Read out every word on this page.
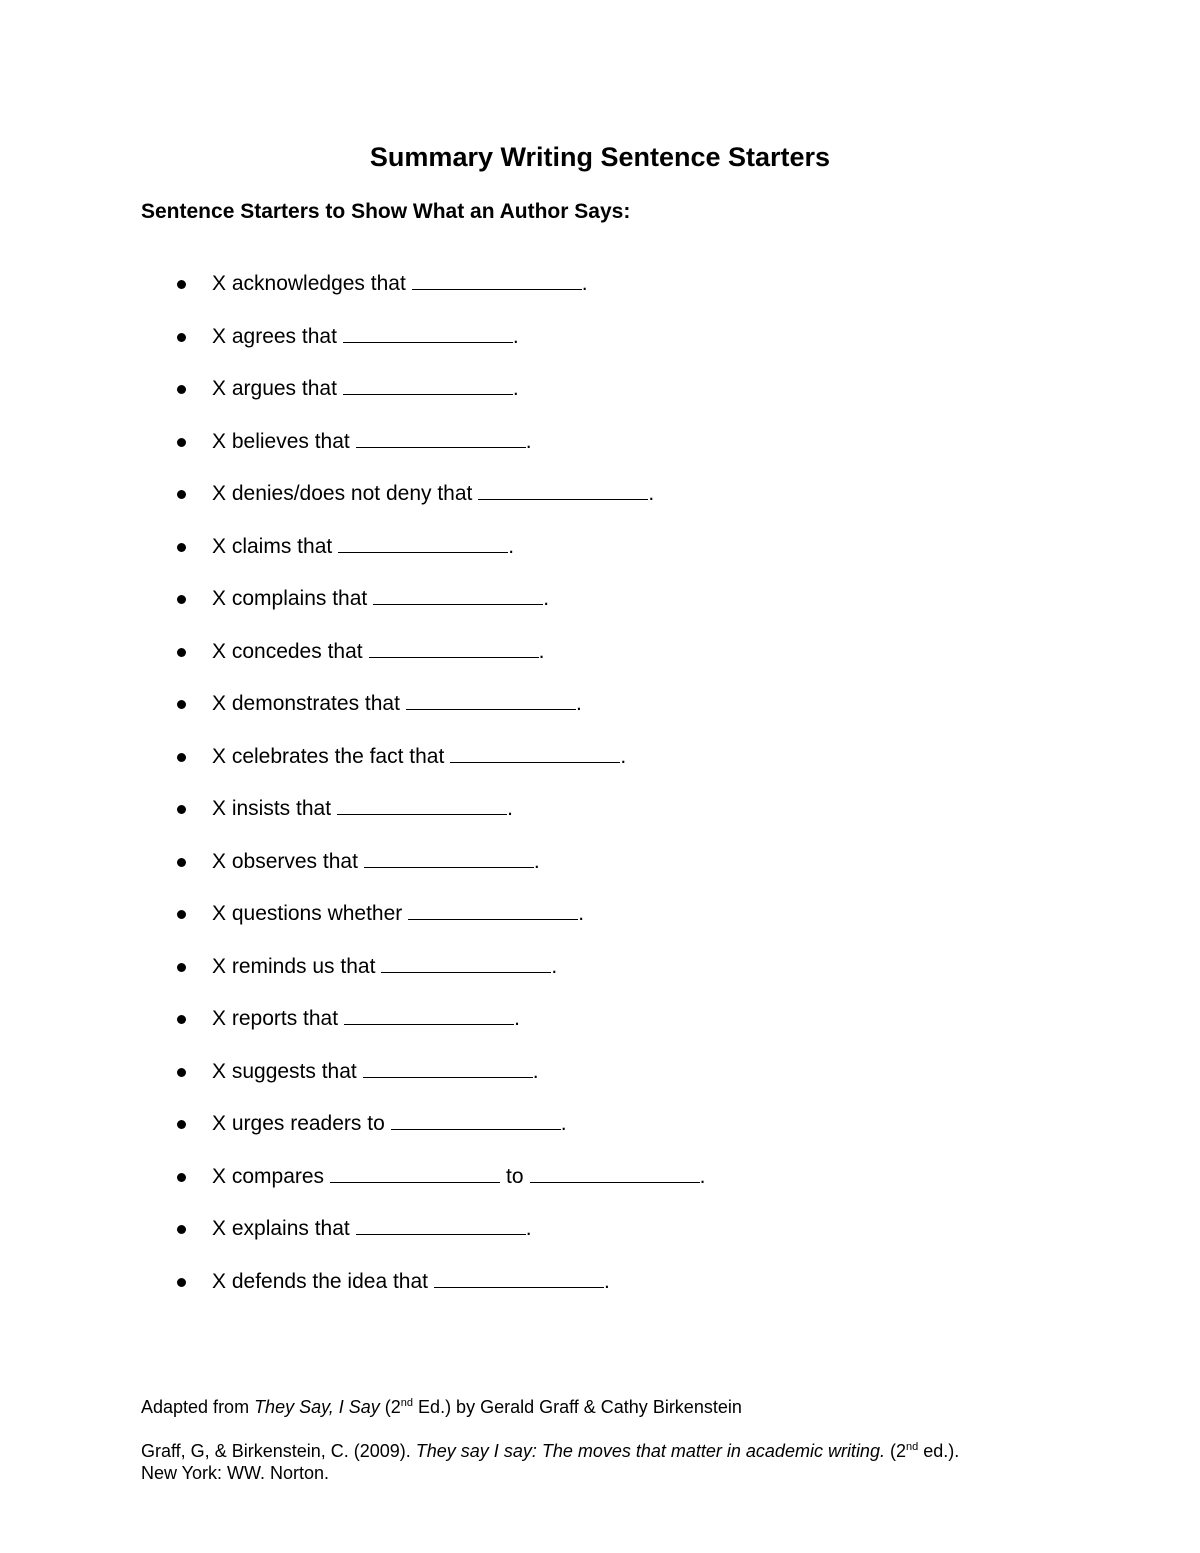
Summary Writing Sentence Starters
Sentence Starters to Show What an Author Says:
X acknowledges that	.
X agrees that	.
X argues that	.
X believes that	.
X denies/does not deny that	.
X claims that	.
X complains that	.
X concedes that	.
X demonstrates that	.
X celebrates the fact that	.
X insists that	.
X observes that	.
X questions whether	.
X reminds us that	.
X reports that	.
X suggests that	.
X urges readers to	.
X compares	to	.
X explains that	.
X defends the idea that	.

Adapted from They Say, I Say (2nd Ed.) by Gerald Graff & Cathy Birkenstein

Graff, G, & Birkenstein, C. (2009). They say I say: The moves that matter in academic writing. (2nd ed.).
New York: WW. Norton.
